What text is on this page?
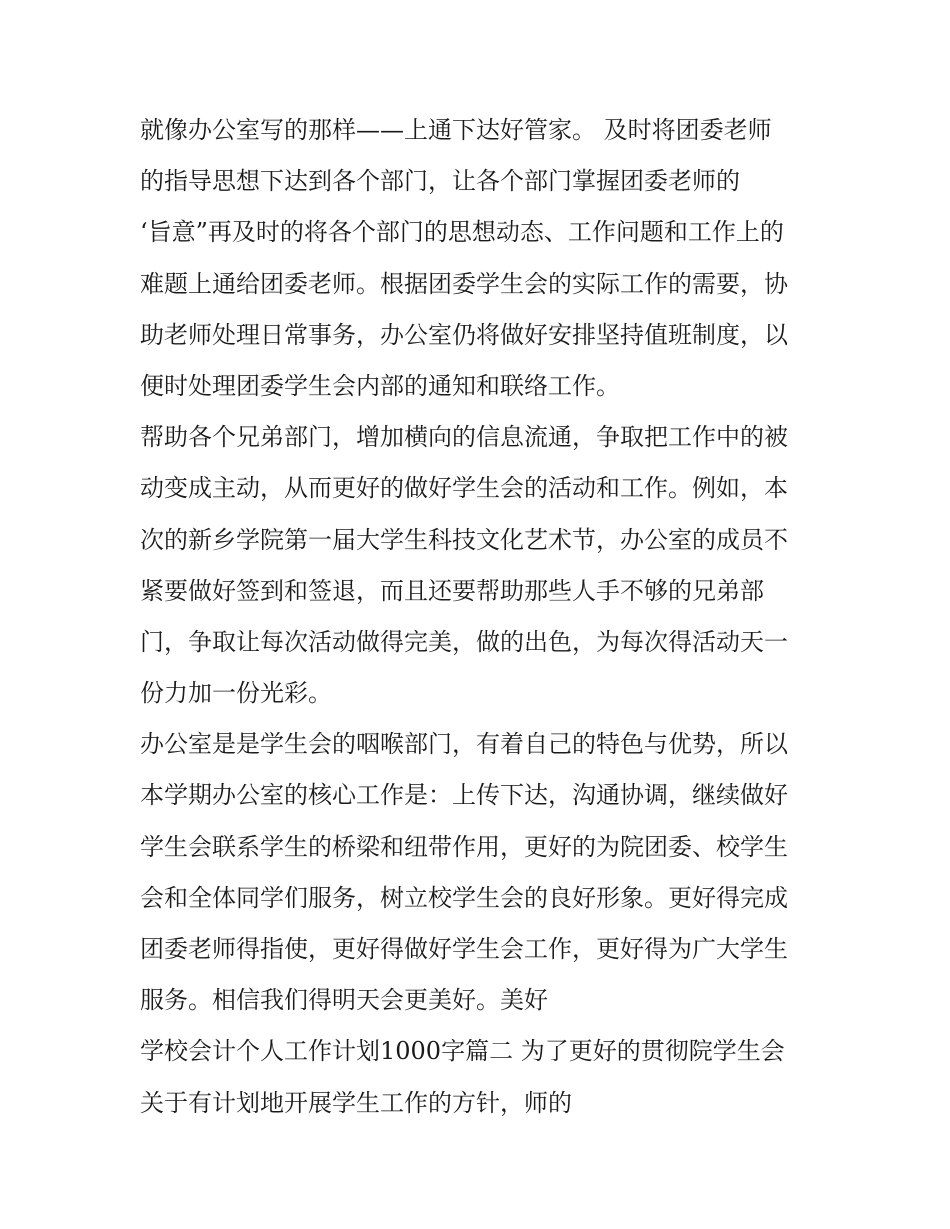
就像办公室写的那样——上通下达好管家。 及时将团委老师
的指导思想下达到各个部门，让各个部门掌握团委老师的
‘旨意”再及时的将各个部门的思想动态、工作问题和工作上的
难题上通给团委老师。根据团委学生会的实际工作的需要，协
助老师处理日常事务，办公室仍将做好安排坚持值班制度，以
便时处理团委学生会内部的通知和联络工作。
帮助各个兄弟部门，增加横向的信息流通，争取把工作中的被
动变成主动，从而更好的做好学生会的活动和工作。例如，本
次的新乡学院第一届大学生科技文化艺术节，办公室的成员不
紧要做好签到和签退，而且还要帮助那些人手不够的兄弟部
门，争取让每次活动做得完美，做的出色，为每次得活动天一
份力加一份光彩。
办公室是是学生会的咽喉部门，有着自己的特色与优势，所以
本学期办公室的核心工作是：上传下达，沟通协调，继续做好
学生会联系学生的桥梁和纽带作用，更好的为院团委、校学生
会和全体同学们服务，树立校学生会的良好形象。更好得完成
团委老师得指使，更好得做好学生会工作，更好得为广大学生
服务。相信我们得明天会更美好。美好
学校会计个人工作计划1000字篇二 为了更好的贯彻院学生会
关于有计划地开展学生工作的方针，师的
